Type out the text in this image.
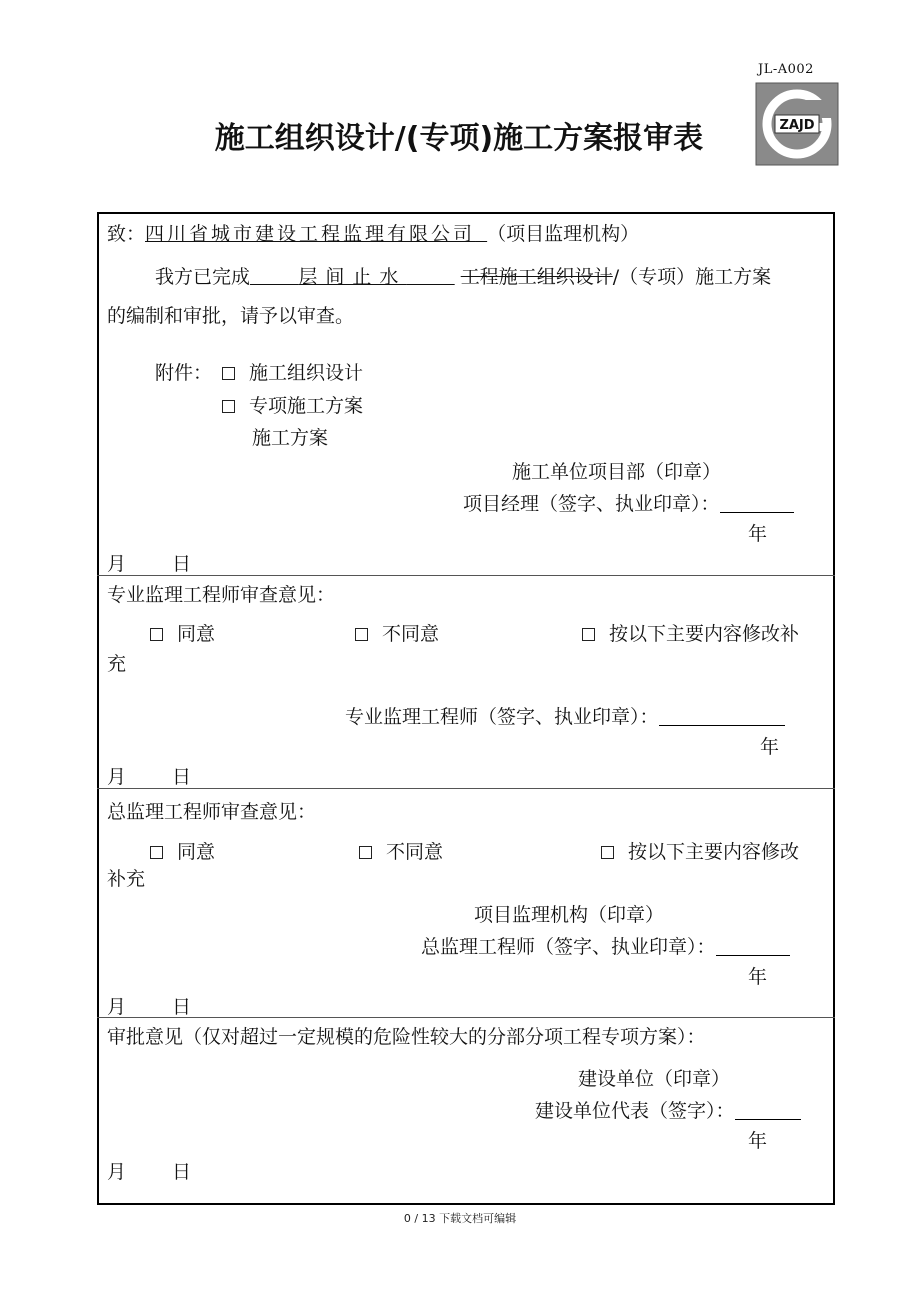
JL-A002
ZAJD
施工组织设计/(专项)施工方案报审表
致：四川省城市建设工程监理有限公司 （项目监理机构）
我方已完成	层间止水	工程施工组织设计/（专项）施工方案
的编制和审批，请予以审查。
附件：	施工组织设计
专项施工方案
施工方案
施工单位项目部（印章）
项目经理（签字、执业印章）：
年
月 日
专业监理工程师审查意见：
同意	不同意	按以下主要内容修改补
充
专业监理工程师（签字、执业印章）：
年
月 日
总监理工程师审查意见：
同意	不同意	按以下主要内容修改
补充
项目监理机构（印章）
总监理工程师（签字、执业印章）：
年
月 日
审批意见（仅对超过一定规模的危险性较大的分部分项工程专项方案）：
建设单位（印章）
建设单位代表（签字）：
年
月 日
0 / 13 下载文档可编辑
